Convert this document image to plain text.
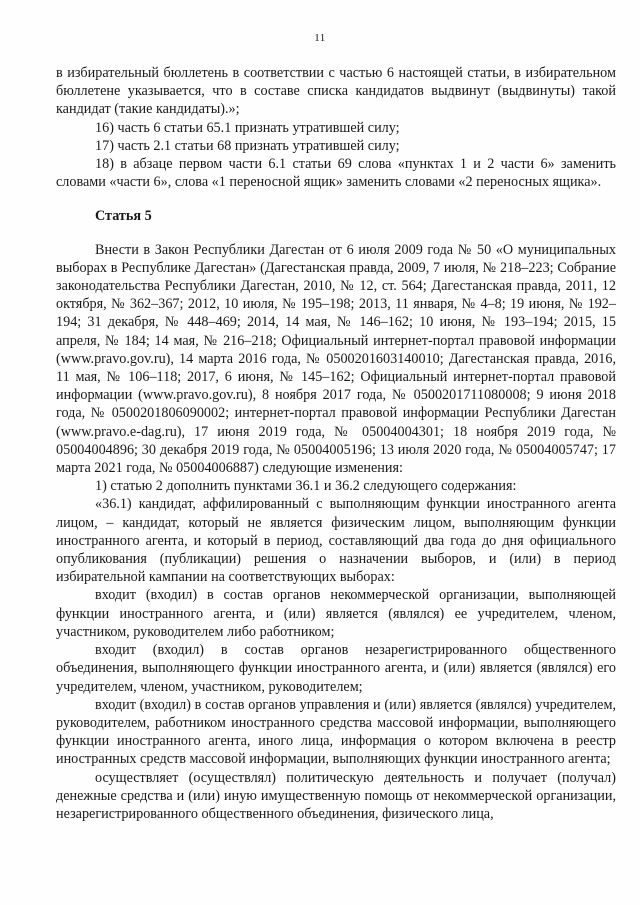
11

в избирательный бюллетень в соответствии с частью 6 настоящей статьи, в избирательном бюллетене указывается, что в составе списка кандидатов выдвинут (выдвинуты) такой кандидат (такие кандидаты).»;

16) часть 6 статьи 65.1 признать утратившей силу;

17) часть 2.1 статьи 68 признать утратившей силу;

18) в абзаце первом части 6.1 статьи 69 слова «пунктах 1 и 2 части 6» заменить словами «части 6», слова «1 переносной ящик» заменить словами «2 переносных ящика».

Статья 5

Внести в Закон Республики Дагестан от 6 июля 2009 года № 50 «О муниципальных выборах в Республике Дагестан» (Дагестанская правда, 2009, 7 июля, № 218–223; Собрание законодательства Республики Дагестан, 2010, № 12, ст. 564; Дагестанская правда, 2011, 12 октября, № 362–367; 2012, 10 июля, № 195–198; 2013, 11 января, № 4–8; 19 июня, № 192–194; 31 декабря, № 448–469; 2014, 14 мая, № 146–162; 10 июня, № 193–194; 2015, 15 апреля, № 184; 14 мая, № 216–218; Официальный интернет-портал правовой информации (www.pravo.gov.ru), 14 марта 2016 года, № 0500201603140010; Дагестанская правда, 2016, 11 мая, № 106–118; 2017, 6 июня, № 145–162; Официальный интернет-портал правовой информации (www.pravo.gov.ru), 8 ноября 2017 года, № 0500201711080008; 9 июня 2018 года, № 0500201806090002; интернет-портал правовой информации Республики Дагестан (www.pravo.e-dag.ru), 17 июня 2019 года, № 05004004301; 18 ноября 2019 года, № 05004004896; 30 декабря 2019 года, № 05004005196; 13 июля 2020 года, № 05004005747; 17 марта 2021 года, № 05004006887) следующие изменения:

1) статью 2 дополнить пунктами 36.1 и 36.2 следующего содержания:

«36.1) кандидат, аффилированный с выполняющим функции иностранного агента лицом, – кандидат, который не является физическим лицом, выполняющим функции иностранного агента, и который в период, составляющий два года до дня официального опубликования (публикации) решения о назначении выборов, и (или) в период избирательной кампании на соответствующих выборах:

входит (входил) в состав органов некоммерческой организации, выполняющей функции иностранного агента, и (или) является (являлся) ее учредителем, членом, участником, руководителем либо работником;

входит (входил) в состав органов незарегистрированного общественного объединения, выполняющего функции иностранного агента, и (или) является (являлся) его учредителем, членом, участником, руководителем;

входит (входил) в состав органов управления и (или) является (являлся) учредителем, руководителем, работником иностранного средства массовой информации, выполняющего функции иностранного агента, иного лица, информация о котором включена в реестр иностранных средств массовой информации, выполняющих функции иностранного агента;

осуществляет (осуществлял) политическую деятельность и получает (получал) денежные средства и (или) иную имущественную помощь от некоммерческой организации, незарегистрированного общественного объединения, физического лица,
